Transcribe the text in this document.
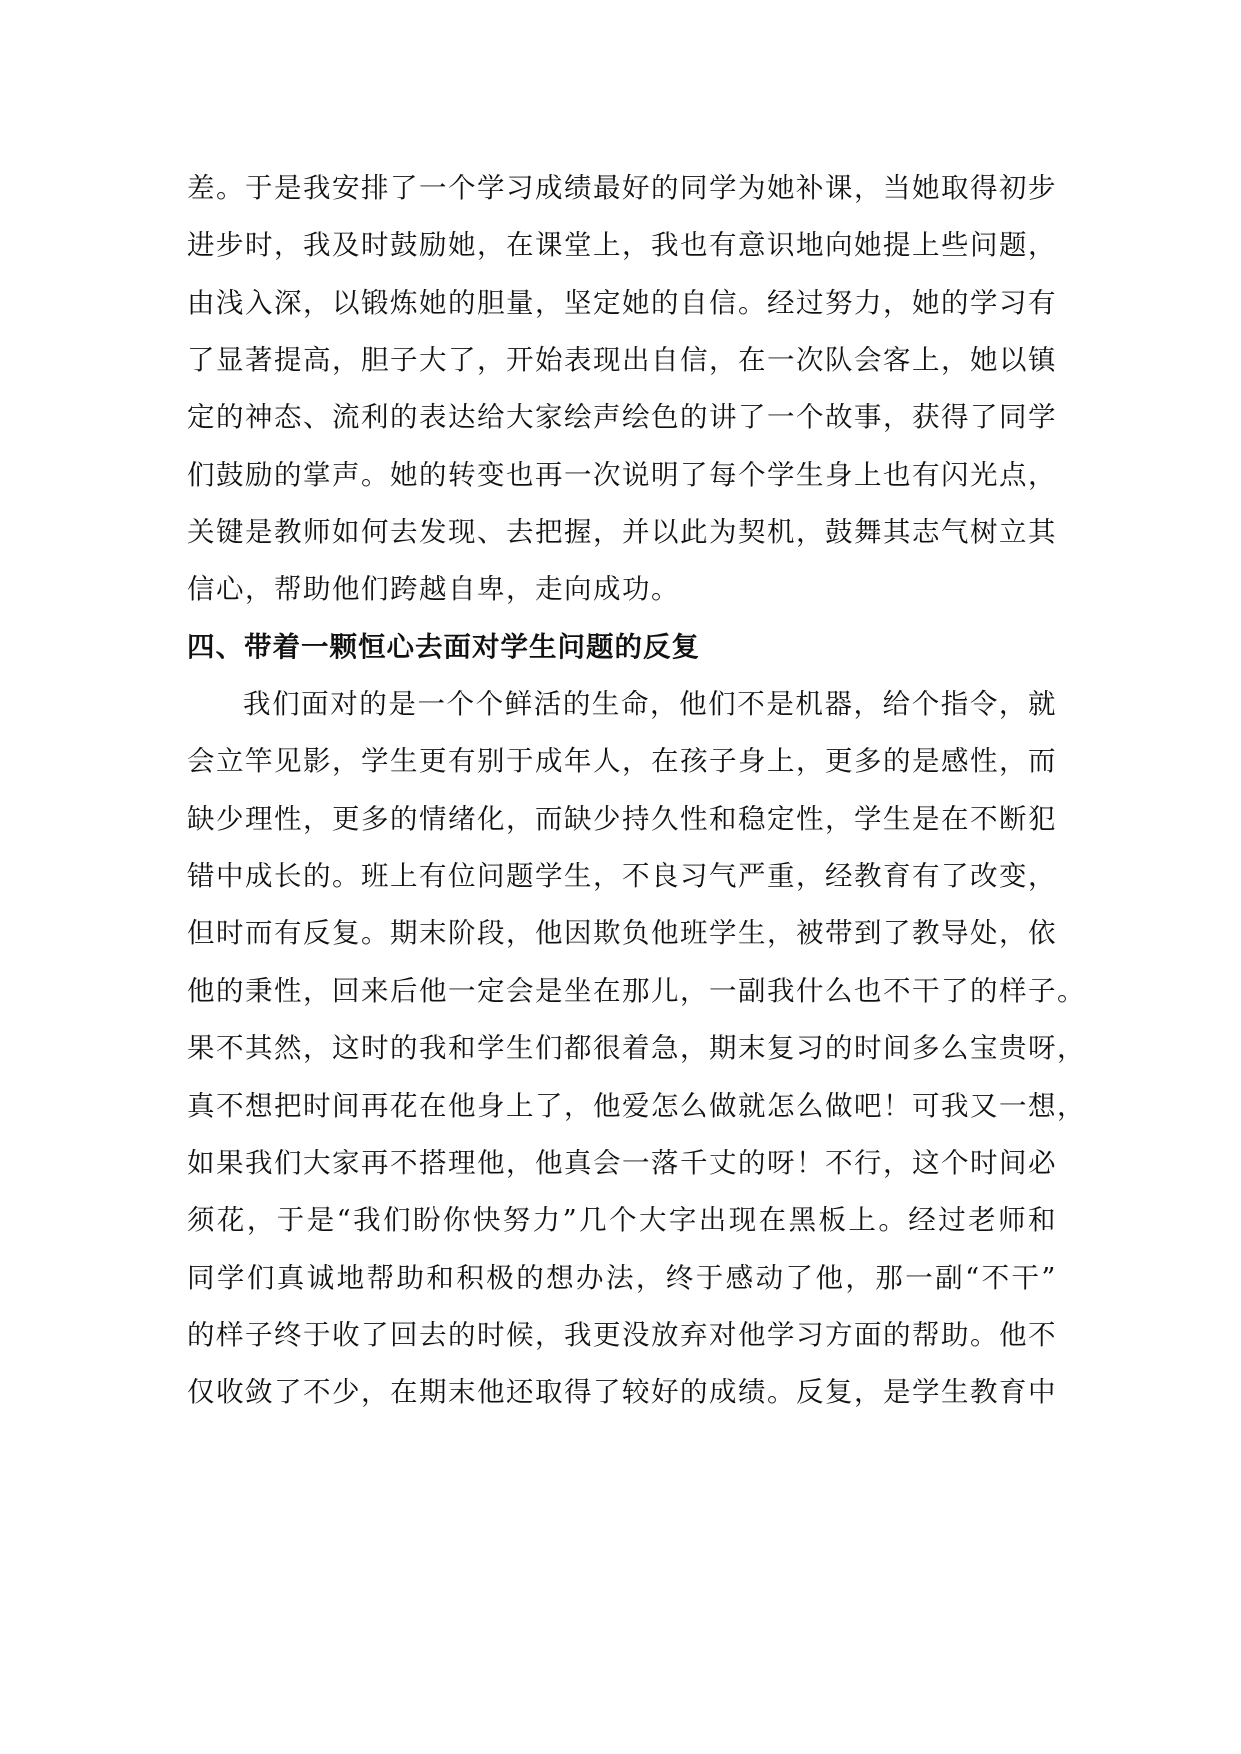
差。于是我安排了一个学习成绩最好的同学为她补课，当她取得初步
进步时，我及时鼓励她，在课堂上，我也有意识地向她提上些问题，
由浅入深，以锻炼她的胆量，坚定她的自信。经过努力，她的学习有
了显著提高，胆子大了，开始表现出自信，在一次队会客上，她以镇
定的神态、流利的表达给大家绘声绘色的讲了一个故事，获得了同学
们鼓励的掌声。她的转变也再一次说明了每个学生身上也有闪光点，
关键是教师如何去发现、去把握，并以此为契机，鼓舞其志气树立其
信心，帮助他们跨越自卑，走向成功。
四、带着一颗恒心去面对学生问题的反复
我们面对的是一个个鲜活的生命，他们不是机器，给个指令，就
会立竿见影，学生更有别于成年人，在孩子身上，更多的是感性，而
缺少理性，更多的情绪化，而缺少持久性和稳定性，学生是在不断犯
错中成长的。班上有位问题学生，不良习气严重，经教育有了改变，
但时而有反复。期末阶段，他因欺负他班学生，被带到了教导处，依
他的秉性，回来后他一定会是坐在那儿，一副我什么也不干了的样子。
果不其然，这时的我和学生们都很着急，期末复习的时间多么宝贵呀，
真不想把时间再花在他身上了，他爱怎么做就怎么做吧！可我又一想，
如果我们大家再不搭理他，他真会一落千丈的呀！不行，这个时间必
须花，于是“我们盼你快努力”几个大字出现在黑板上。经过老师和
同学们真诚地帮助和积极的想办法，终于感动了他，那一副“不干”
的样子终于收了回去的时候，我更没放弃对他学习方面的帮助。他不
仅收敛了不少，在期末他还取得了较好的成绩。反复，是学生教育中
